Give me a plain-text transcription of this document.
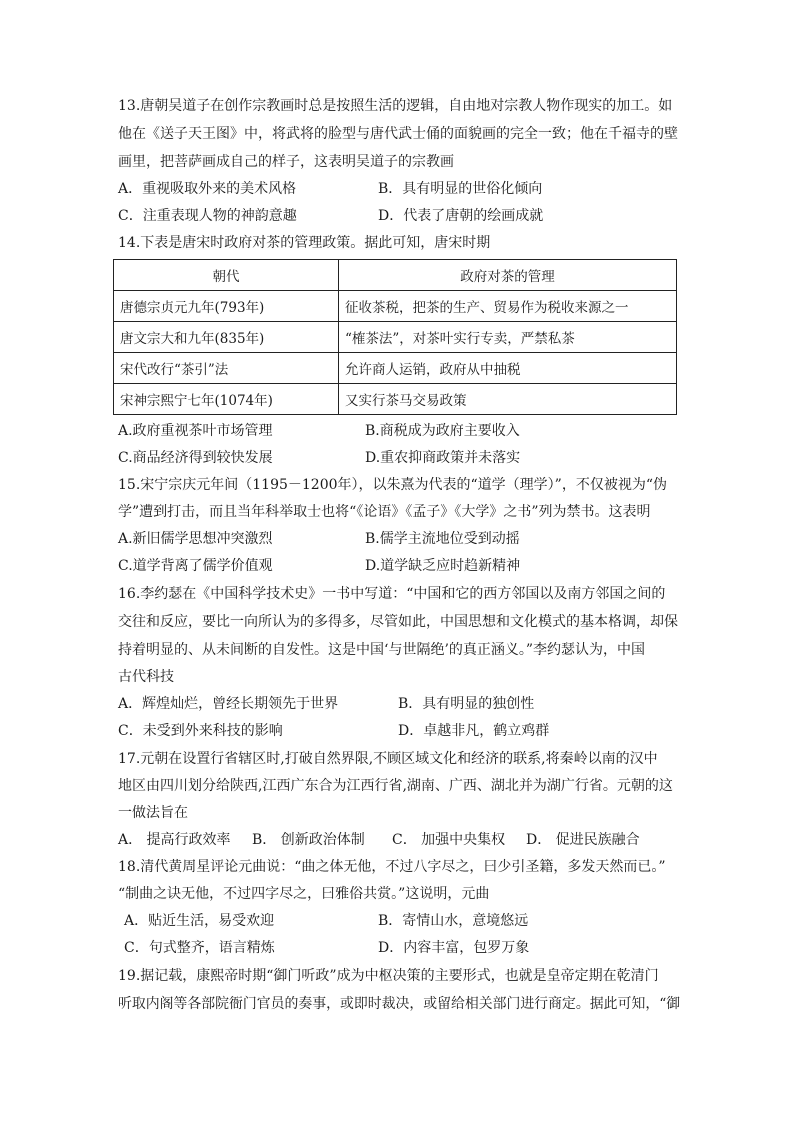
13.唐朝吴道子在创作宗教画时总是按照生活的逻辑，自由地对宗教人物作现实的加工。如
他在《送子天王图》中，将武将的脸型与唐代武士俑的面貌画的完全一致；他在千福寺的壁
画里，把菩萨画成自己的样子，这表明吴道子的宗教画
A．重视吸取外来的美术风格	B．具有明显的世俗化倾向
C．注重表现人物的神韵意趣	D．代表了唐朝的绘画成就
14.下表是唐宋时政府对茶的管理政策。据此可知，唐宋时期
朝代	政府对茶的管理
唐德宗贞元九年(793年)	征收茶税，把茶的生产、贸易作为税收来源之一
唐文宗大和九年(835年)	“榷茶法”，对茶叶实行专卖，严禁私茶
宋代改行“茶引”法	允许商人运销，政府从中抽税
宋神宗熙宁七年(1074年)	又实行茶马交易政策
A.政府重视茶叶市场管理	B.商税成为政府主要收入
C.商品经济得到较快发展	D.重农抑商政策并未落实
15.宋宁宗庆元年间（1195－1200年），以朱熹为代表的“道学（理学）”，不仅被视为“伪
学”遭到打击，而且当年科举取士也将“《论语》《孟子》《大学》之书”列为禁书。这表明
A.新旧儒学思想冲突激烈	B.儒学主流地位受到动摇
C.道学背离了儒学价值观	D.道学缺乏应时趋新精神
16.李约瑟在《中国科学技术史》一书中写道：“中国和它的西方邻国以及南方邻国之间的
交往和反应，要比一向所认为的多得多，尽管如此，中国思想和文化模式的基本格调，却保
持着明显的、从未间断的自发性。这是中国‘与世隔绝’的真正涵义。”李约瑟认为，中国
古代科技
A．辉煌灿烂，曾经长期领先于世界	B．具有明显的独创性
C．未受到外来科技的影响	D．卓越非凡，鹤立鸡群
17.元朝在设置行省辖区时,打破自然界限,不顾区域文化和经济的联系,将秦岭以南的汉中
地区由四川划分给陕西,江西广东合为江西行省,湖南、广西、湖北并为湖广行省。元朝的这
一做法旨在
A． 提高行政效率 B． 创新政治体制 C． 加强中央集权 D． 促进民族融合
18.清代黄周星评论元曲说：“曲之体无他，不过八字尽之，曰少引圣籍，多发天然而已。”
“制曲之诀无他，不过四字尽之，曰雅俗共赏。”这说明，元曲
A．贴近生活，易受欢迎	B．寄情山水，意境悠远
C．句式整齐，语言精炼	D．内容丰富，包罗万象
19.据记载，康熙帝时期“御门听政”成为中枢决策的主要形式，也就是皇帝定期在乾清门
听取内阁等各部院衙门官员的奏事，或即时裁决，或留给相关部门进行商定。据此可知，“御
